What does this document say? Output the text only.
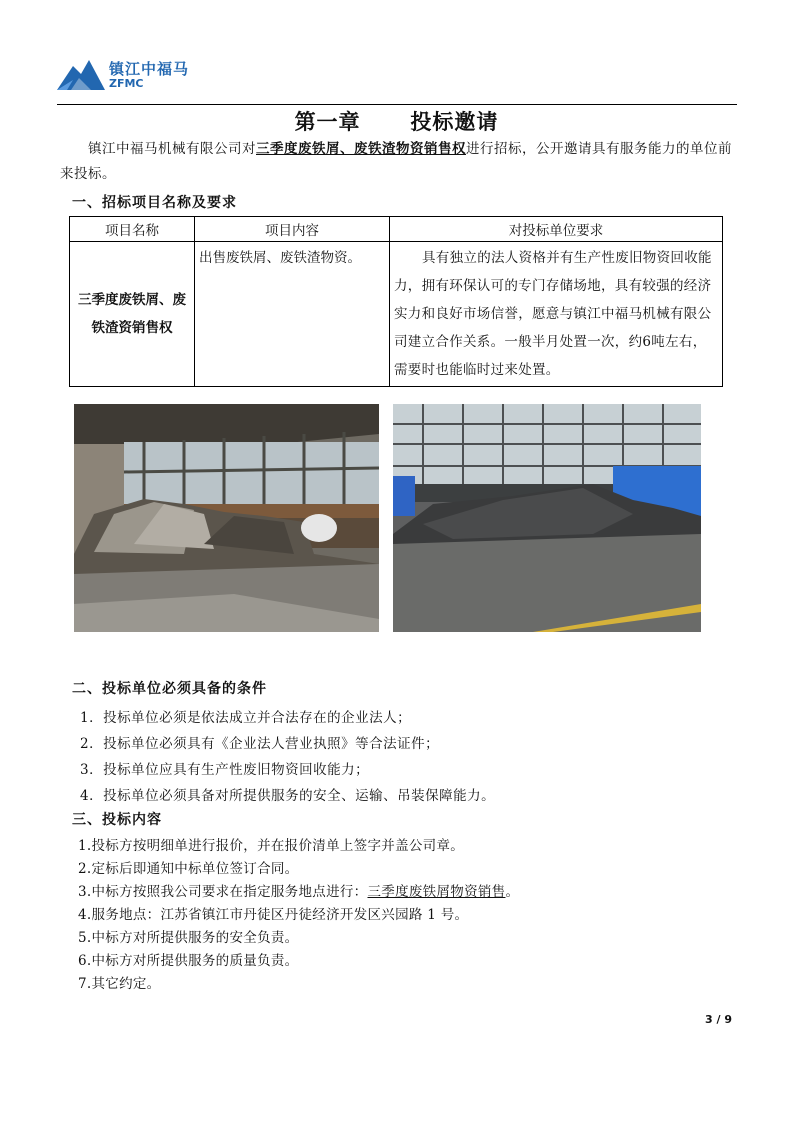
镇江中福马
ZFMC
第一章      投标邀请
镇江中福马机械有限公司对三季度废铁屑、废铁渣物资销售权进行招标，公开邀请具有服务能力的单位前来投标。
一、招标项目名称及要求
项目名称	项目内容	对投标单位要求
三季度废铁屑、废铁渣资销售权	出售废铁屑、废铁渣物资。	具有独立的法人资格并有生产性废旧物资回收能力，拥有环保认可的专门存储场地，具有较强的经济实力和良好市场信誉，愿意与镇江中福马机械有限公司建立合作关系。一般半月处置一次，约6吨左右，需要时也能临时过来处置。
二、投标单位必须具备的条件
1．投标单位必须是依法成立并合法存在的企业法人；
2．投标单位必须具有《企业法人营业执照》等合法证件；
3．投标单位应具有生产性废旧物资回收能力；
4．投标单位必须具备对所提供服务的安全、运输、吊装保障能力。
三、投标内容
1.投标方按明细单进行报价，并在报价清单上签字并盖公司章。
2.定标后即通知中标单位签订合同。
3.中标方按照我公司要求在指定服务地点进行：三季度废铁屑物资销售。
4.服务地点：江苏省镇江市丹徒区丹徒经济开发区兴园路 1 号。
5.中标方对所提供服务的安全负责。
6.中标方对所提供服务的质量负责。
7.其它约定。
3 / 9
